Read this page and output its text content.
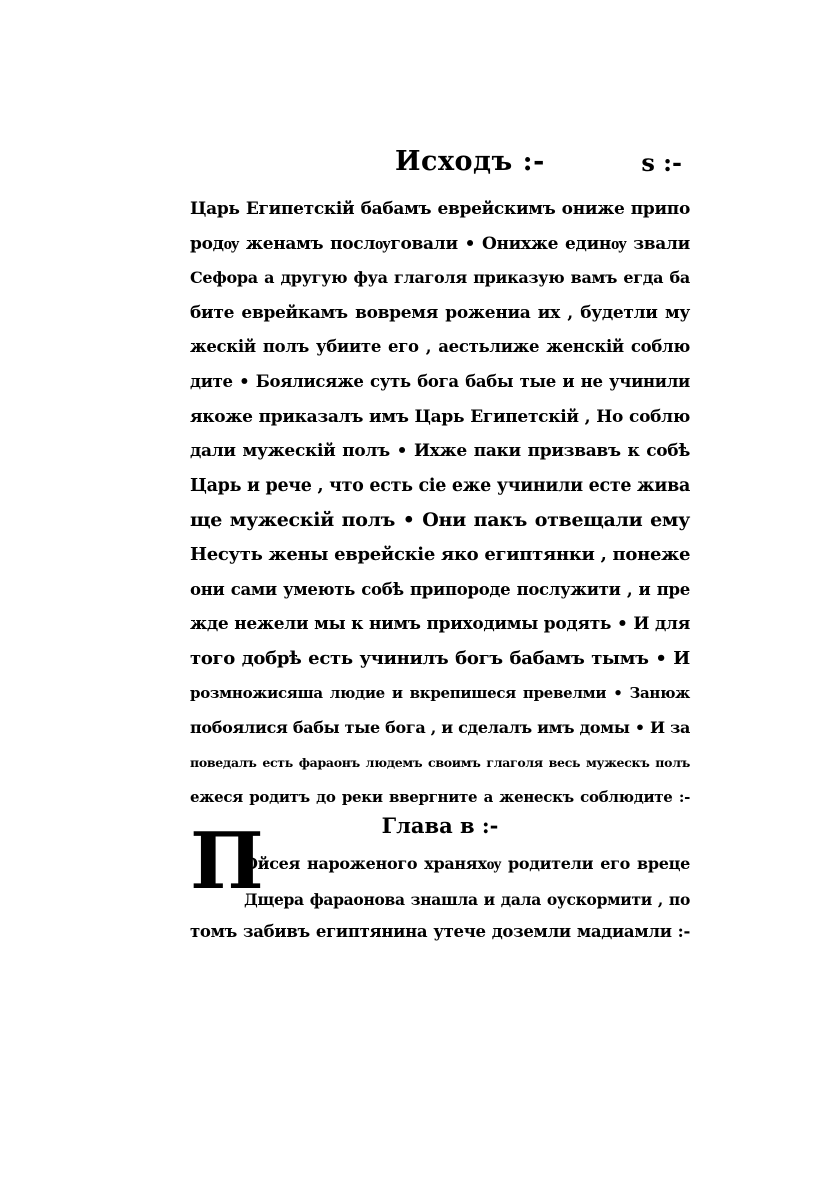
Исходъ :-	ѕ :-
Царь Египетскій бабамъ еврейскимъ ониже припо
родѹ женамъ послѹговали • Онихже единѹ звали
Сефора а другую фуа глаголя приказую вамъ егда ба
бите еврейкамъ вовремя рожениа их , будетли му
жескій полъ убиите его , аестьлиже женскій соблю
дите • Боялисяже суть бога бабы тые и не учинили
якоже приказалъ имъ Царь Египетскій , Но соблю
дали мужескій полъ • Ихже паки призвавъ к собѣ
Царь и рече , что есть сіе еже учинили есте жива
ще мужескій полъ • Они пакъ отвещали ему
Несуть жены еврейскіе яко египтянки , понеже
они сами умеють собѣ припороде послужити , и пре
жде нежели мы к нимъ приходимы родять • И для
того добрѣ есть учинилъ богъ бабамъ тымъ • И
розмножисяша людие и вкрепишеся превелми • Занюж
побоялися бабы тые бога , и сделалъ имъ домы • И за
поведалъ есть фараонъ людемъ своимъ глаголя весь мужескъ полъ
ежеся родитъ до реки ввергните а женескъ соблюдите :-
Глава в :-
П
Ойсея нароженого храняхѹ родители его вреце
Дщера фараонова знашла и дала оускормити , по
томъ забивъ египтянина утече доземли мадиамли :-
